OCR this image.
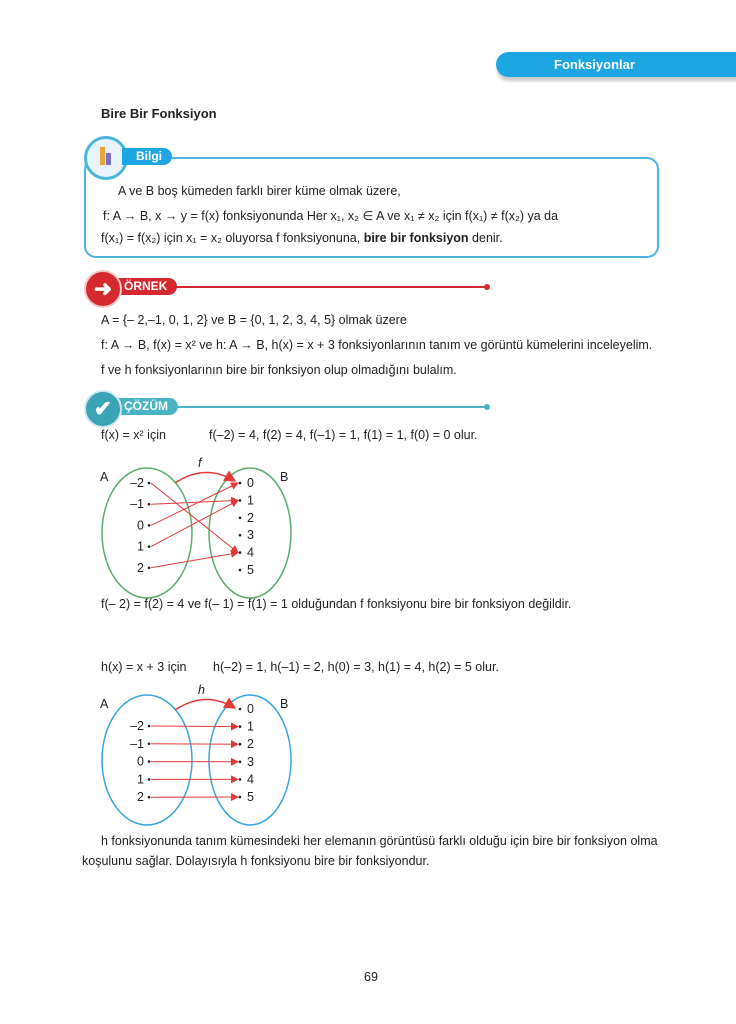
Fonksiyonlar
Bire Bir Fonksiyon
Bilgi
A ve B boş kümeden farklı birer küme olmak üzere,
f: A → B, x → y = f(x) fonksiyonunda Her x₁, x₂ ∈ A ve x₁ ≠ x₂ için f(x₁) ≠ f(x₂) ya da
f(x₁) = f(x₂) için x₁ = x₂ oluyorsa f fonksiyonuna, bire bir fonksiyon denir.
ÖRNEK
➜
A = {– 2,–1, 0, 1, 2} ve B = {0, 1, 2, 3, 4, 5} olmak üzere
f: A → B, f(x) = x² ve h: A → B, h(x) = x + 3 fonksiyonlarının tanım ve görüntü kümelerini inceleyelim.
f ve h fonksiyonlarının bire bir fonksiyon olup olmadığını bulalım.
ÇÖZÜM
✔
f(x) = x² için	f(–2) = 4, f(2) = 4, f(–1) = 1, f(1) = 1, f(0) = 0 olur.
A	B
f
–2
–1
0
1
2
0
1
2
3
4
5
f(– 2) = f(2) = 4 ve f(– 1) = f(1) = 1 olduğundan f fonksiyonu bire bir fonksiyon değildir.
h(x) = x + 3 için h(–2) = 1, h(–1) = 2, h(0) = 3, h(1) = 4, h(2) = 5 olur.
A	B
h
–2
–1
0
1
2
0
1
2
3
4
5
h fonksiyonunda tanım kümesindeki her elemanın görüntüsü farklı olduğu için bire bir fonksiyon olma
koşulunu sağlar. Dolayısıyla h fonksiyonu bire bir fonksiyondur.
69
